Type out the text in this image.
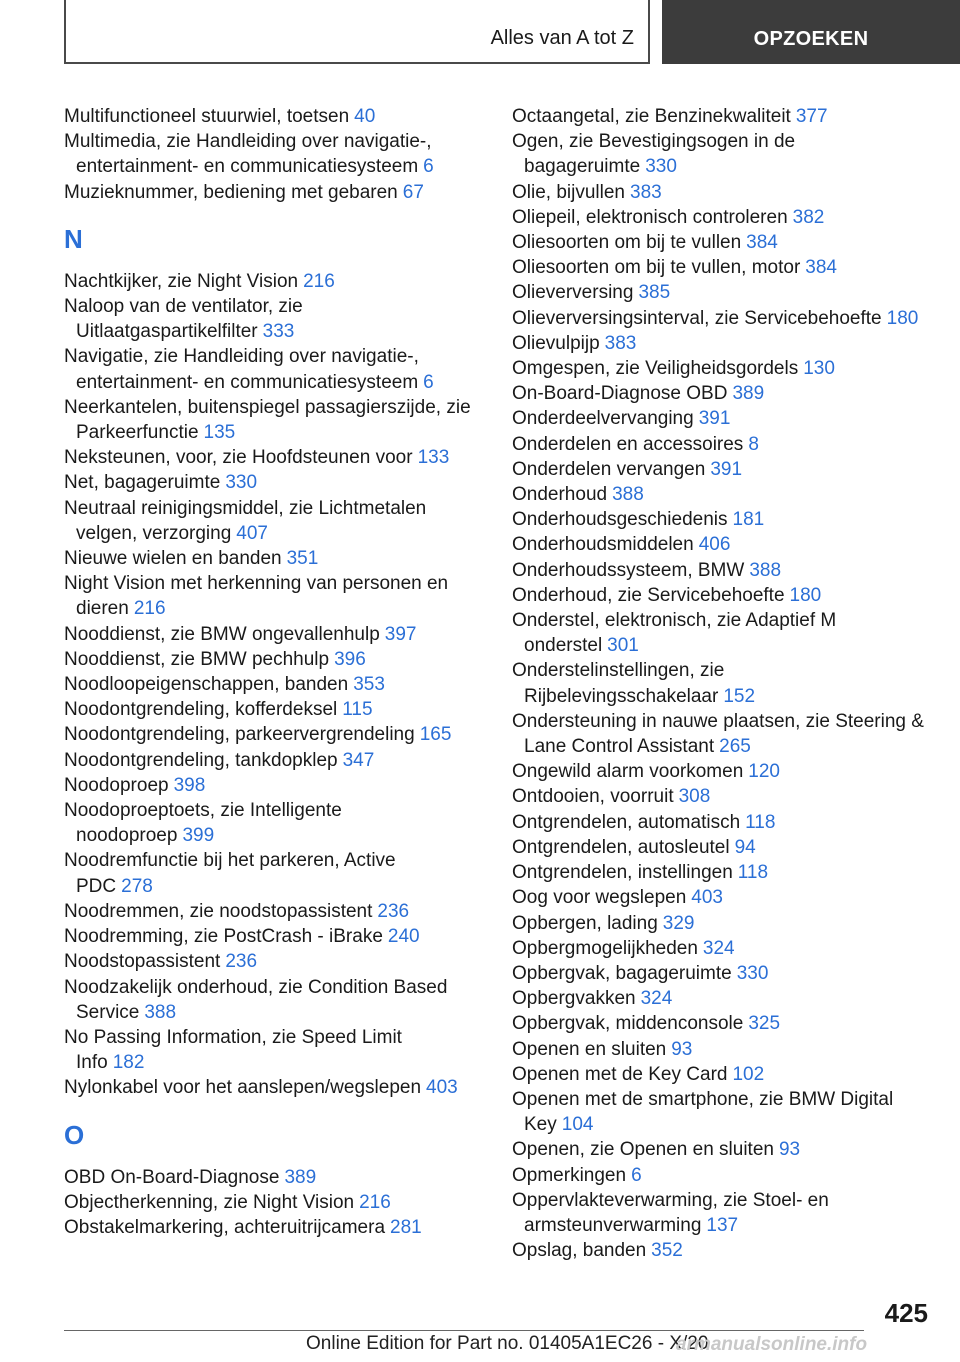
Alles van A tot Z	OPZOEKEN
Multifunctioneel stuurwiel, toetsen 40
Multimedia, zie Handleiding over navigatie-, entertainment- en communicatiesysteem 6
Muzieknummer, bediening met gebaren 67
N
Nachtkijker, zie Night Vision 216
Naloop van de ventilator, zie Uitlaatgaspartikelfilter 333
Navigatie, zie Handleiding over navigatie-, entertainment- en communicatiesysteem 6
Neerkantelen, buitenspiegel passagierszijde, zie Parkeerfunctie 135
Neksteunen, voor, zie Hoofdsteunen voor 133
Net, bagageruimte 330
Neutraal reinigingsmiddel, zie Lichtmetalen velgen, verzorging 407
Nieuwe wielen en banden 351
Night Vision met herkenning van personen en dieren 216
Nooddienst, zie BMW ongevallenhulp 397
Nooddienst, zie BMW pechhulp 396
Noodloopeigenschappen, banden 353
Noodontgrendeling, kofferdeksel 115
Noodontgrendeling, parkeervergrendeling 165
Noodontgrendeling, tankdopklep 347
Noodoproep 398
Noodoproeptoets, zie Intelligente noodoproep 399
Noodremfunctie bij het parkeren, Active PDC 278
Noodremmen, zie noodstopassistent 236
Noodremming, zie PostCrash - iBrake 240
Noodstopassistent 236
Noodzakelijk onderhoud, zie Condition Based Service 388
No Passing Information, zie Speed Limit Info 182
Nylonkabel voor het aanslepen/wegslepen 403
O
OBD On-Board-Diagnose 389
Objectherkenning, zie Night Vision 216
Obstakelmarkering, achteruitrijcamera 281
Octaangetal, zie Benzinekwaliteit 377
Ogen, zie Bevestigingsogen in de bagageruimte 330
Olie, bijvullen 383
Oliepeil, elektronisch controleren 382
Oliesoorten om bij te vullen 384
Oliesoorten om bij te vullen, motor 384
Olieverversing 385
Olieverversingsinterval, zie Servicebehoefte 180
Olievulpijp 383
Omgespen, zie Veiligheidsgordels 130
On-Board-Diagnose OBD 389
Onderdeelvervanging 391
Onderdelen en accessoires 8
Onderdelen vervangen 391
Onderhoud 388
Onderhoudsgeschiedenis 181
Onderhoudsmiddelen 406
Onderhoudssysteem, BMW 388
Onderhoud, zie Servicebehoefte 180
Onderstel, elektronisch, zie Adaptief M onderstel 301
Onderstelinstellingen, zie Rijbelevingsschakelaar 152
Ondersteuning in nauwe plaatsen, zie Steering & Lane Control Assistant 265
Ongewild alarm voorkomen 120
Ontdooien, voorruit 308
Ontgrendelen, automatisch 118
Ontgrendelen, autosleutel 94
Ontgrendelen, instellingen 118
Oog voor wegslepen 403
Opbergen, lading 329
Opbergmogelijkheden 324
Opbergvak, bagageruimte 330
Opbergvakken 324
Opbergvak, middenconsole 325
Openen en sluiten 93
Openen met de Key Card 102
Openen met de smartphone, zie BMW Digital Key 104
Openen, zie Openen en sluiten 93
Opmerkingen 6
Oppervlakteverwarming, zie Stoel- en armsteunverwarming 137
Opslag, banden 352
425
Online Edition for Part no. 01405A1EC26 - X/20
armanualsonline.info
